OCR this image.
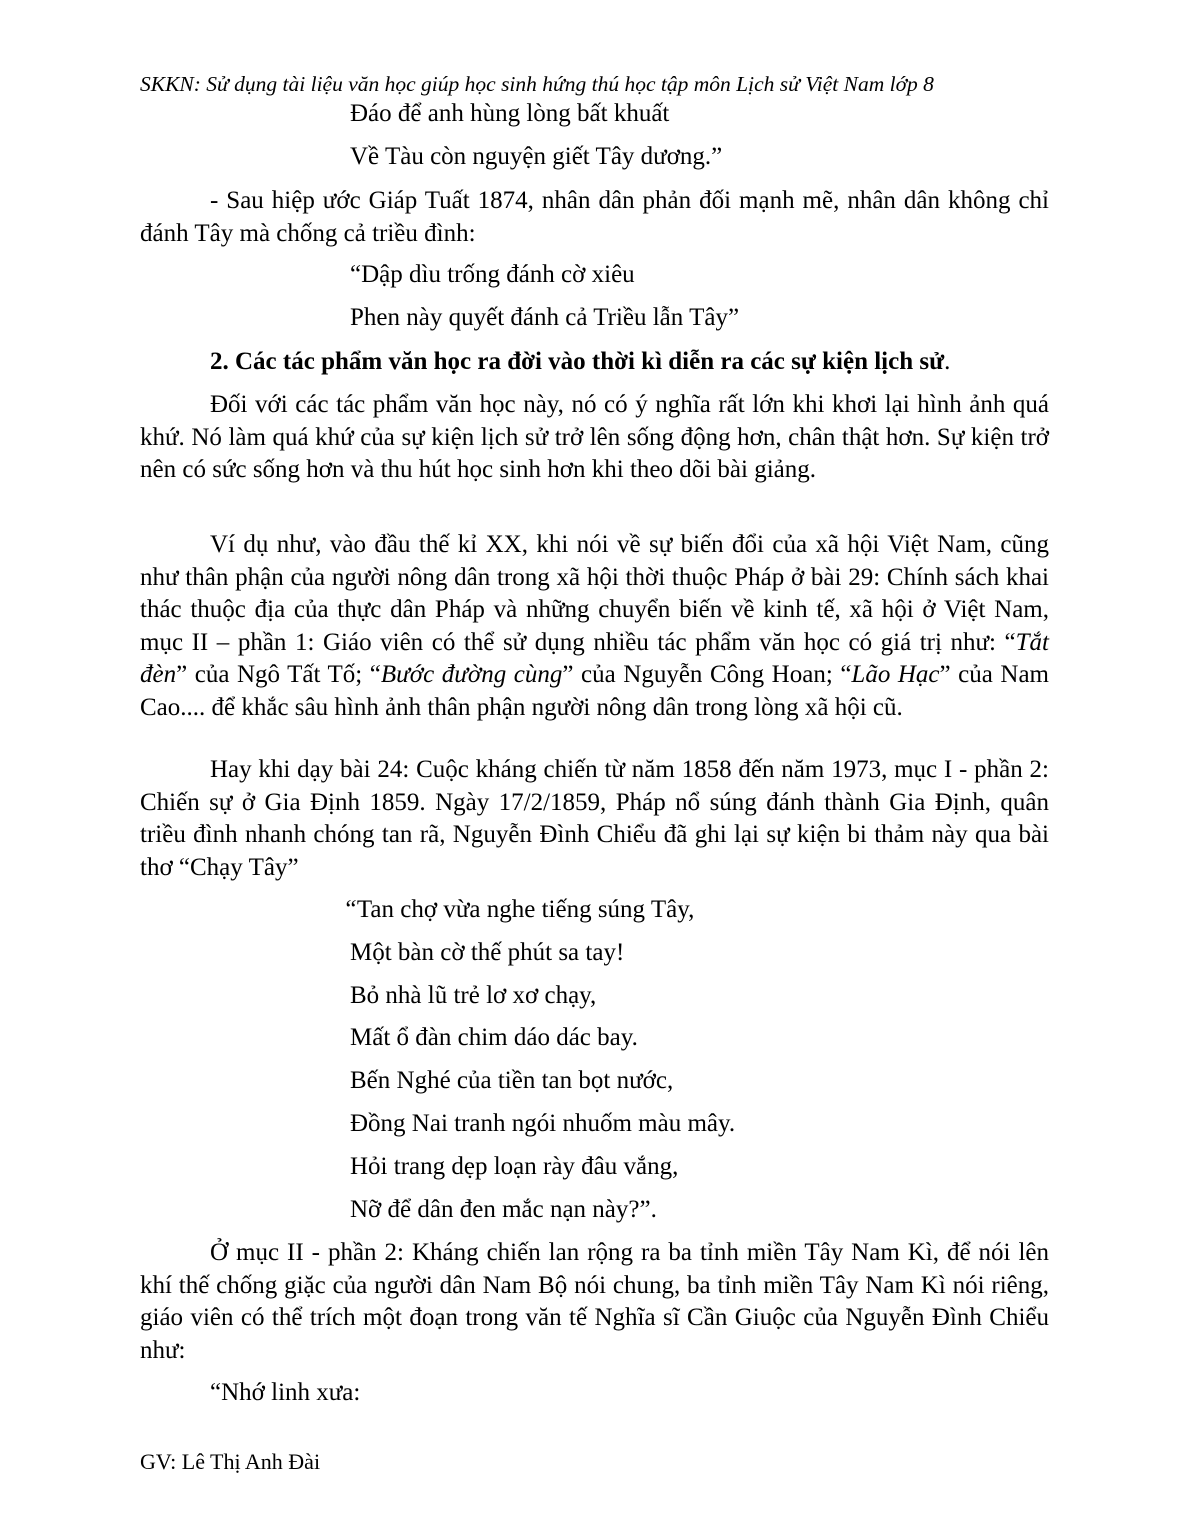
SKKN: Sử dụng tài liệu văn học giúp học sinh hứng thú học tập môn Lịch sử Việt Nam lớp 8
Đáo để anh hùng lòng bất khuất
Về Tàu còn nguyện giết Tây dương.”
- Sau hiệp ước Giáp Tuất 1874, nhân dân phản đối mạnh mẽ, nhân dân không chỉ đánh Tây mà chống cả triều đình:
“Dập dìu trống đánh cờ xiêu
Phen này quyết đánh cả Triều lẫn Tây”
2. Các tác phẩm văn học ra đời vào thời kì diễn ra các sự kiện lịch sử.
Đối với các tác phẩm văn học này, nó có ý nghĩa rất lớn khi khơi lại hình ảnh quá khứ. Nó làm quá khứ của sự kiện lịch sử trở lên sống động hơn, chân thật hơn. Sự kiện trở nên có sức sống hơn và thu hút học sinh hơn khi theo dõi bài giảng.
Ví dụ như, vào đầu thế kỉ XX, khi nói về sự biến đổi của xã hội Việt Nam, cũng như thân phận của người nông dân trong xã hội thời thuộc Pháp ở bài 29: Chính sách khai thác thuộc địa của thực dân Pháp và những chuyển biến về kinh tế, xã hội ở Việt Nam, mục II – phần 1: Giáo viên có thể sử dụng nhiều tác phẩm văn học có giá trị như: “Tắt đèn” của Ngô Tất Tố; “Bước đường cùng” của Nguyễn Công Hoan; “Lão Hạc” của Nam Cao.... để khắc sâu hình ảnh thân phận người nông dân trong lòng xã hội cũ.
Hay khi dạy bài 24: Cuộc kháng chiến từ năm 1858 đến năm 1973, mục I - phần 2: Chiến sự ở Gia Định 1859. Ngày 17/2/1859, Pháp nổ súng đánh thành Gia Định, quân triều đình nhanh chóng tan rã, Nguyễn Đình Chiểu đã ghi lại sự kiện bi thảm này qua bài thơ “Chạy Tây”
“Tan chợ vừa nghe tiếng súng Tây,
Một bàn cờ thế phút sa tay!
Bỏ nhà lũ trẻ lơ xơ chạy,
Mất ổ đàn chim dáo dác bay.
Bến Nghé của tiền tan bọt nước,
Đồng Nai tranh ngói nhuốm màu mây.
Hỏi trang dẹp loạn rày đâu vắng,
Nỡ để dân đen mắc nạn này?”.
Ở mục II - phần 2: Kháng chiến lan rộng ra ba tỉnh miền Tây Nam Kì, để nói lên khí thế chống giặc của người dân Nam Bộ nói chung, ba tỉnh miền Tây Nam Kì nói riêng, giáo viên có thể trích một đoạn trong văn tế Nghĩa sĩ Cần Giuộc của Nguyễn Đình Chiểu như:
“Nhớ linh xưa:
GV: Lê Thị Anh Đài
